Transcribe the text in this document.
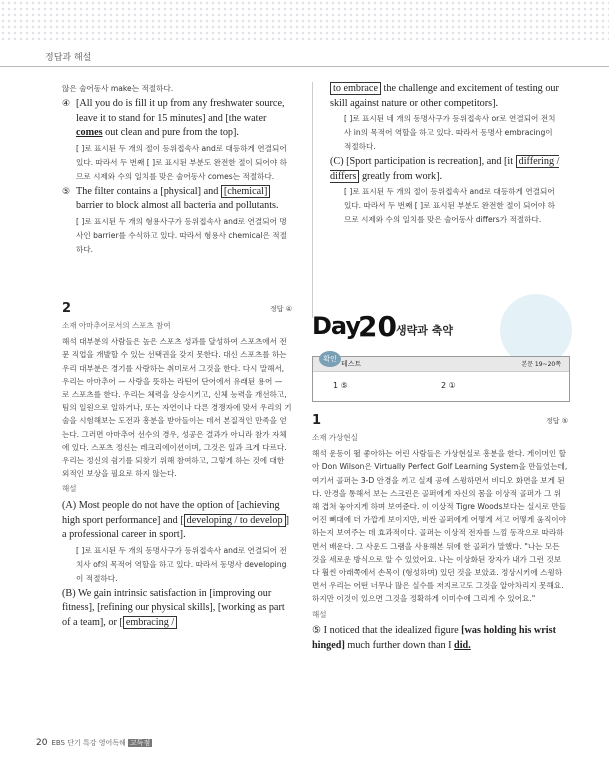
정답과 해설

않은 술어동사 make는 적절하다.

④ [All you do is fill it up from any freshwater source, leave it to stand for 15 minutes] and [the water comes out clean and pure from the top].

[ ]로 표시된 두 개의 절이 등위접속사 and로 대등하게 연결되어 있다. 따라서 두 번째 [ ]로 표시된 부분도 완전한 절이 되어야 하므로 시제와 수의 일치를 맞은 술어동사 comes는 적절하다.

⑤ The filter contains a [physical] and [chemical] barrier to block almost all bacteria and pollutants.

[ ]로 표시된 두 개의 형용사구가 등위접속사 and로 연결되어 명사인 barrier를 수식하고 있다. 따라서 형용사 chemical은 적절하다.

2	정답 ④
소재 아마추어로서의 스포츠 참여

해석 대부분의 사람들은 높은 스포츠 성과를 달성하여 스포츠에서 전문 직업을 개발할 수 있는 선택권을 갖지 못한다. 대신 스포츠를 하는 우리 대부분은 경기를 사랑하는 취미로서 그것을 한다. 다시 말해서, 우리는 아마추어 — 사랑을 뜻하는 라틴어 단어에서 유래된 용어 — 로 스포츠를 한다. 우리는 체력을 상승시키고, 신체 능력을 개선하고, 팀의 일원으로 일하거나, 또는 자연이나 다른 경쟁자에 맞서 우리의 기술을 시험해보는 도전과 흥분을 받아들이는 데서 본질적인 만족을 얻는다. 그러면 아마추어 선수의 경우, 성공은 결과가 아니라 참가 자체에 있다. 스포츠 정신는 레크리에이션이며, 그것은 일과 크게 다르다. 우리는 정신의 쉼기를 되찾기 위해 참여하고, 그렇게 하는 것에 대한 외적인 보상을 필요로 하지 않는다.

해설
(A) Most people do not have the option of [achieving high sport performance] and [ developing / to develop ] a professional career in sport].

[ ]로 표시된 두 개의 동명사구가 등위접속사 and로 연결되어 전치사 of의 목적어 역할을 하고 있다. 따라서 동명사 developing이 적절하다.

(B) We gain intrinsic satisfaction in [improving our fitness], [refining our physical skills], [working as part of a team], or [ embracing /
to embrace the challenge and excitement of testing our skill against nature or other competitors].

[ ]로 표시된 네 개의 동명사구가 등위접속사 or로 연결되어 전치사 in의 목적어 역할을 하고 있다. 따라서 동명사 embracing이 적절하다.

(C) [Sport participation is recreation], and [it differing / differs greatly from work].

[ ]로 표시된 두 개의 절이 등위접속사 and로 대등하게 연결되어 있다. 따라서 두 번째 [ ]로 표시된 부분도 완전한 절이 되어야 하므로 시제와 수의 일치를 맞은 술어동사 differs가 적절하다.

Day
20 생략과 축약
테스트	본문 19~20쪽
확인
1 ⑤	2 ①
1	정답 ⑤
소재 가상현실

해석 운동이 뛸 좋아하는 어린 사람들은 가상현실로 흥분을 한다. 게이머인 할아 Don Wilson은 Virtually Perfect Golf Learning System을 만들었는데, 여기서 골퍼는 3-D 안경을 끼고 실제 공에 스윙하면서 비디오 화면을 보게 된다. 안경을 통해서 보는 스크린은 골퍼에게 자신의 몸을 이상적 골퍼가 그 위해 겹쳐 놓아지게 하며 보여준다. 이 이상적 Tigre Woods보다는 실시로 만들어진 뼈대에 더 가깝게 보이지만, 비싼 골퍼에게 어떻게 서고 어떻게 움직이야 하는지 보여주는 데 효과적이다. 골퍼는 이상적 전자를 느낌 동작으로 따라하면서 배운다. 그 사운드 그램을 사용해본 뒤에 한 골퍼가 말했다. "나는 모든 것을 세로운 방식으로 알 수 있었어요. 나는 이상화된 장자가 내가 그런 것보다 훨씬 아래쪽에서 손목이 (형성하며) 있던 것을 보았죠. 정상시키에 스윙하면서 우리는 어떤 너무나 많은 실수를 저지르고도 그것을 알아차리지 못해요. 하지만 이것이 있으면 그것을 정확하게 이미수에 그리게 수 있어요."

해설
⑤ I noticed that the idealized figure [was holding his wrist hinged] much further down than I did.
20 EBS 단기 특강 영어독해 고득점
